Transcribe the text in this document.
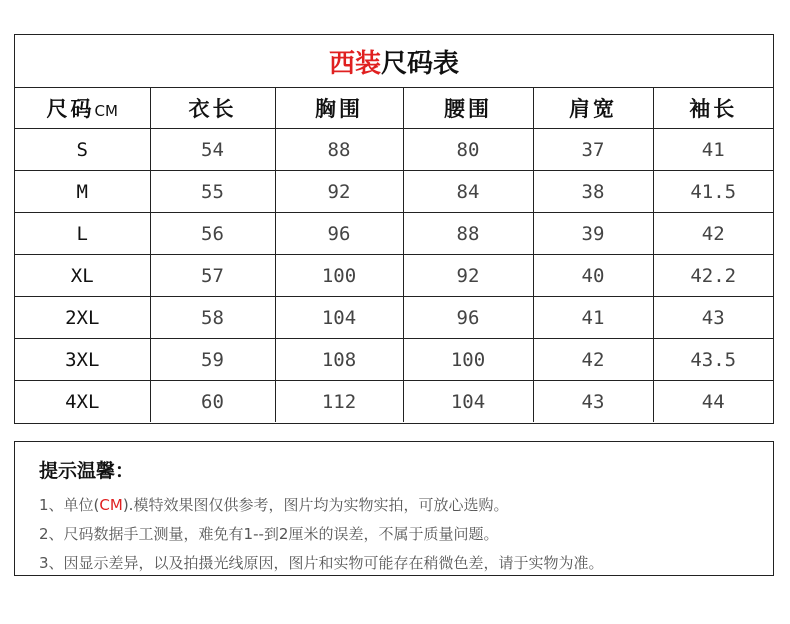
西装 尺码表
尺码CM	衣长	胸围	腰围	肩宽	袖长
S	54	88	80	37	41
M	55	92	84	38	41.5
L	56	96	88	39	42
XL	57	100	92	40	42.2
2XL	58	104	96	41	43
3XL	59	108	100	42	43.5
4XL	60	112	104	43	44
提示温馨：
1、单位(CM).模特效果图仅供参考，图片均为实物实拍，可放心选购。
2、尺码数据手工测量，难免有1--到2厘米的误差，不属于质量问题。
3、因显示差异，以及拍摄光线原因，图片和实物可能存在稍微色差，请于实物为准。
